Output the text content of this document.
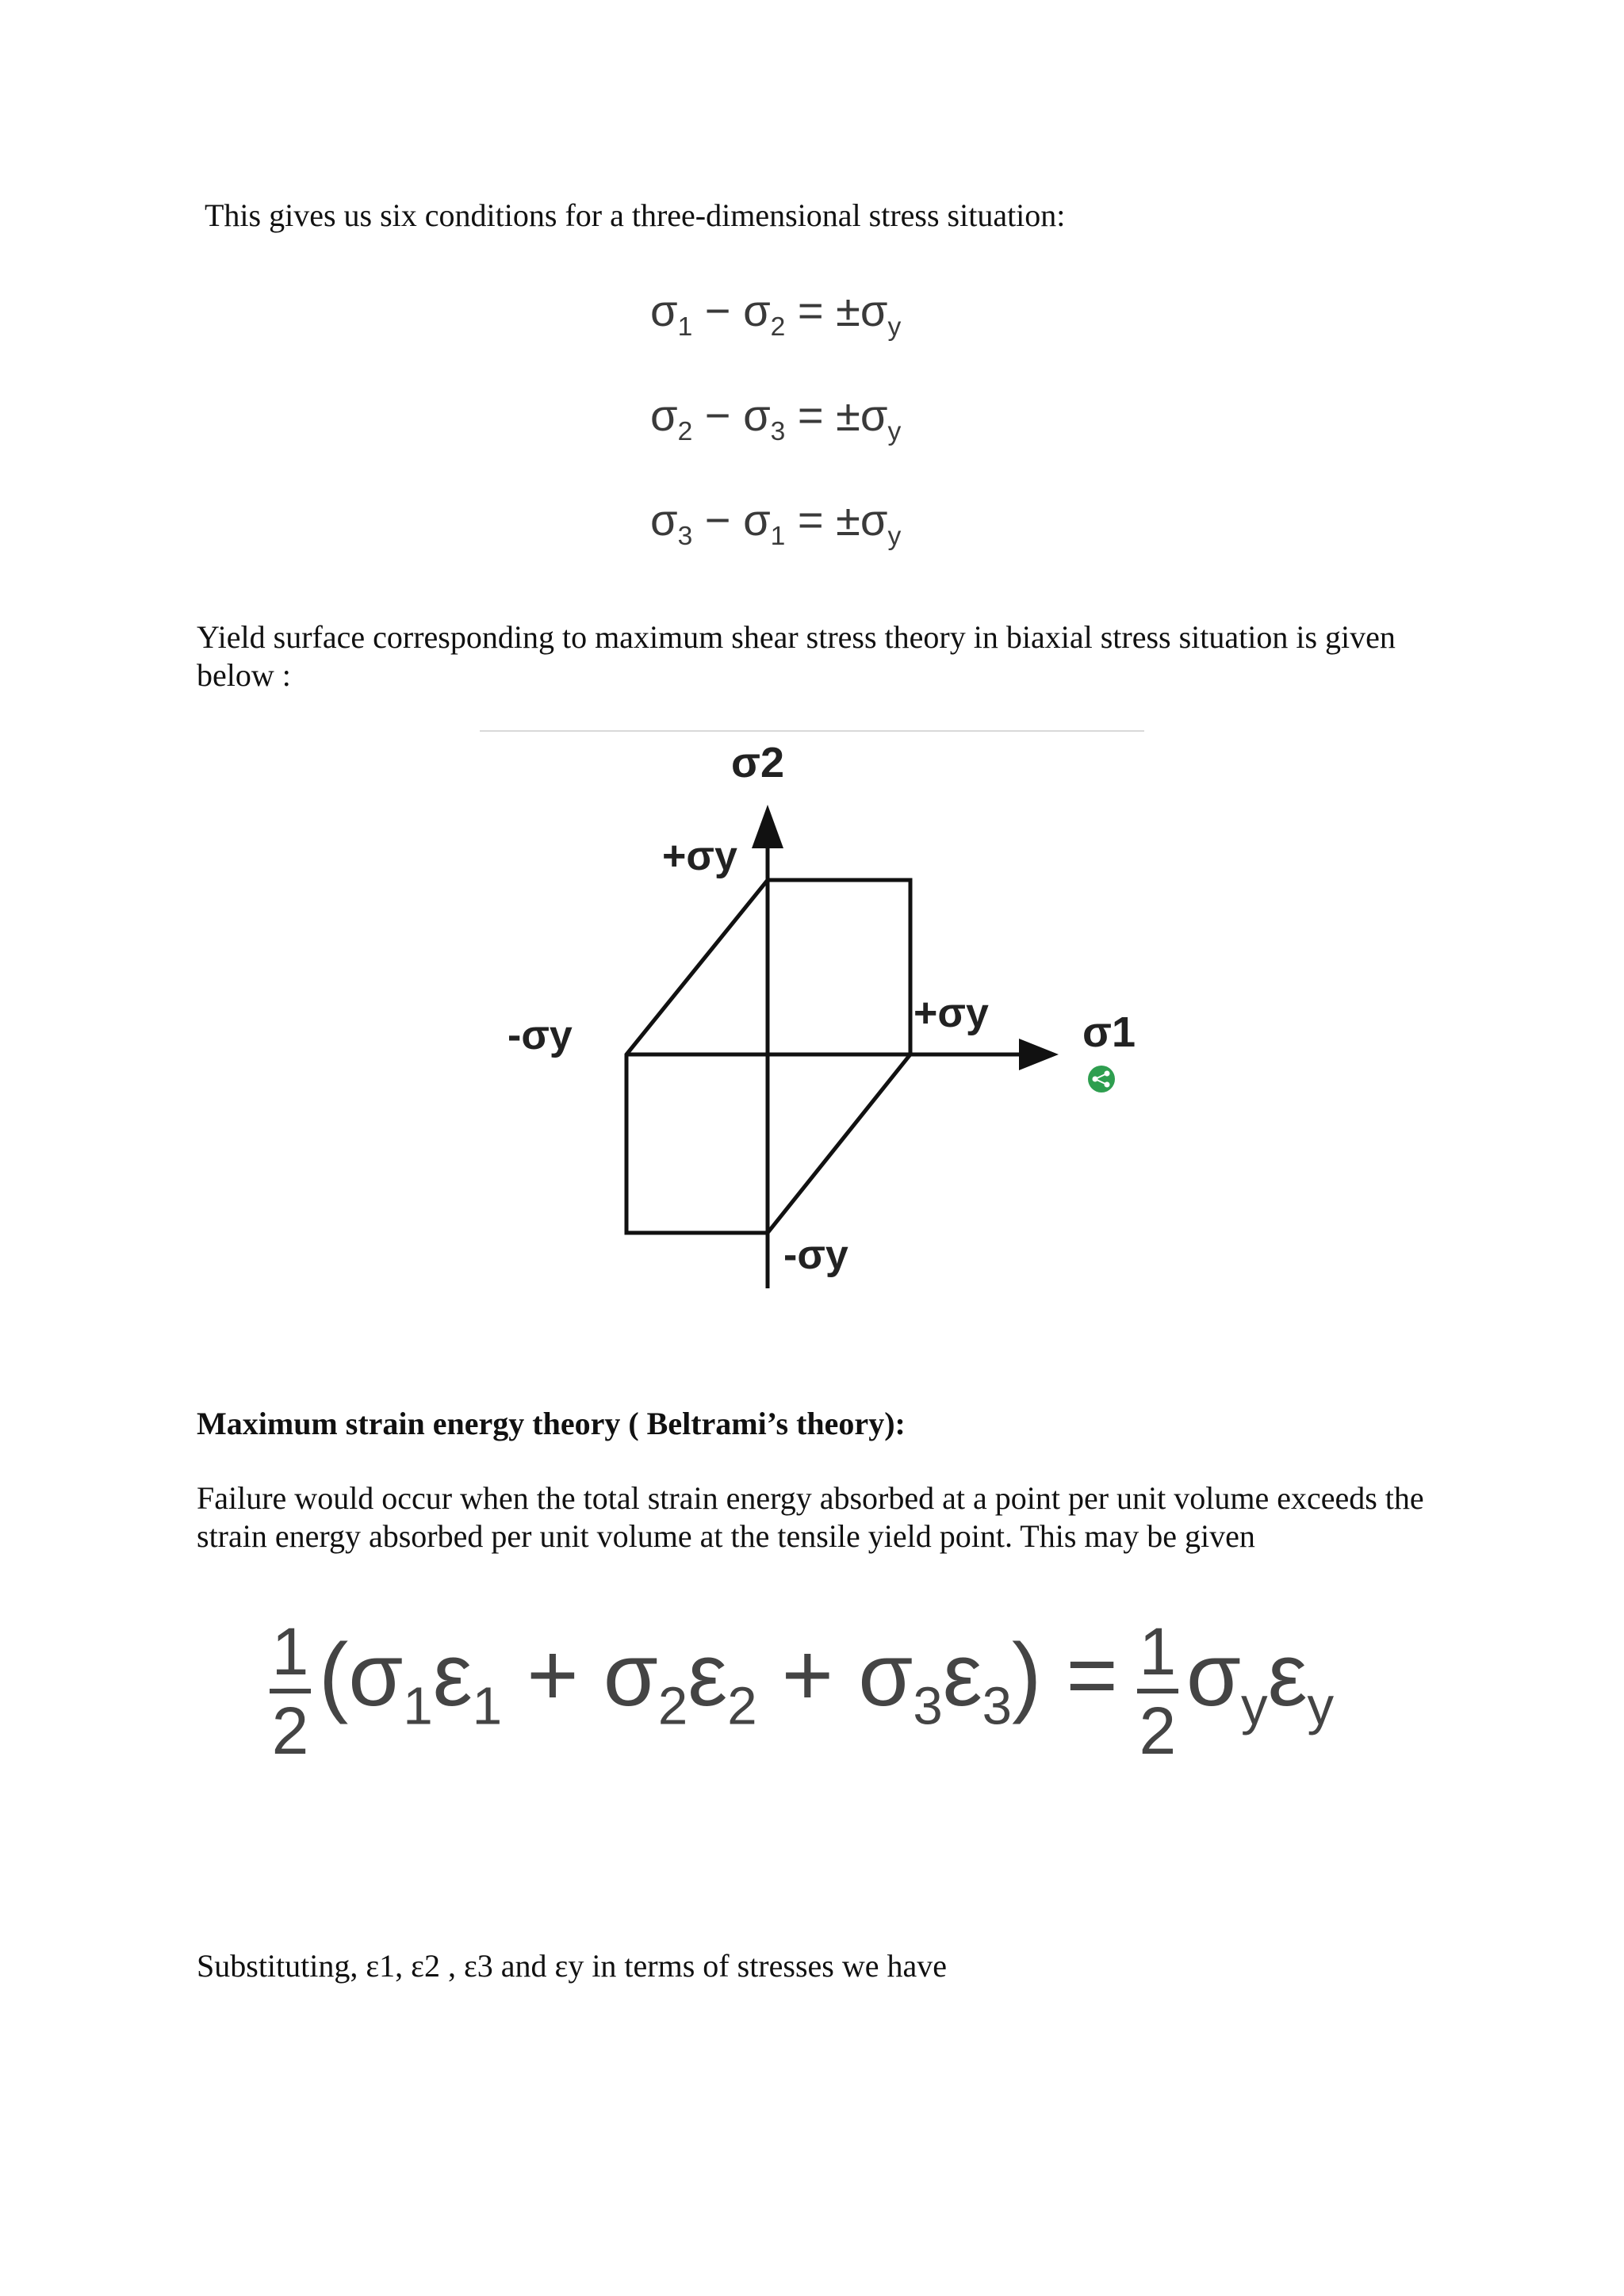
This gives us six conditions for a three-dimensional stress situation:

$\sigma_1 - \sigma_2 = \pm\sigma_y$
$\sigma_2 - \sigma_3 = \pm\sigma_y$
$\sigma_3 - \sigma_1 = \pm\sigma_y$

Yield surface corresponding to maximum shear stress theory in biaxial stress situation is given below :

σ2
+σy
+σy
-σy
-σy
σ1

Maximum strain energy theory ( Beltrami’s theory):

Failure would occur when the total strain energy absorbed at a point per unit volume exceeds the strain energy absorbed per unit volume at the tensile yield point. This may be given

1
2
$(\sigma_1\varepsilon_1 + \sigma_2\varepsilon_2 + \sigma_3\varepsilon_3) = 1$
2
$\sigma_y\varepsilon_y$

Substituting, ε1, ε2 , ε3 and εy in terms of stresses we have
